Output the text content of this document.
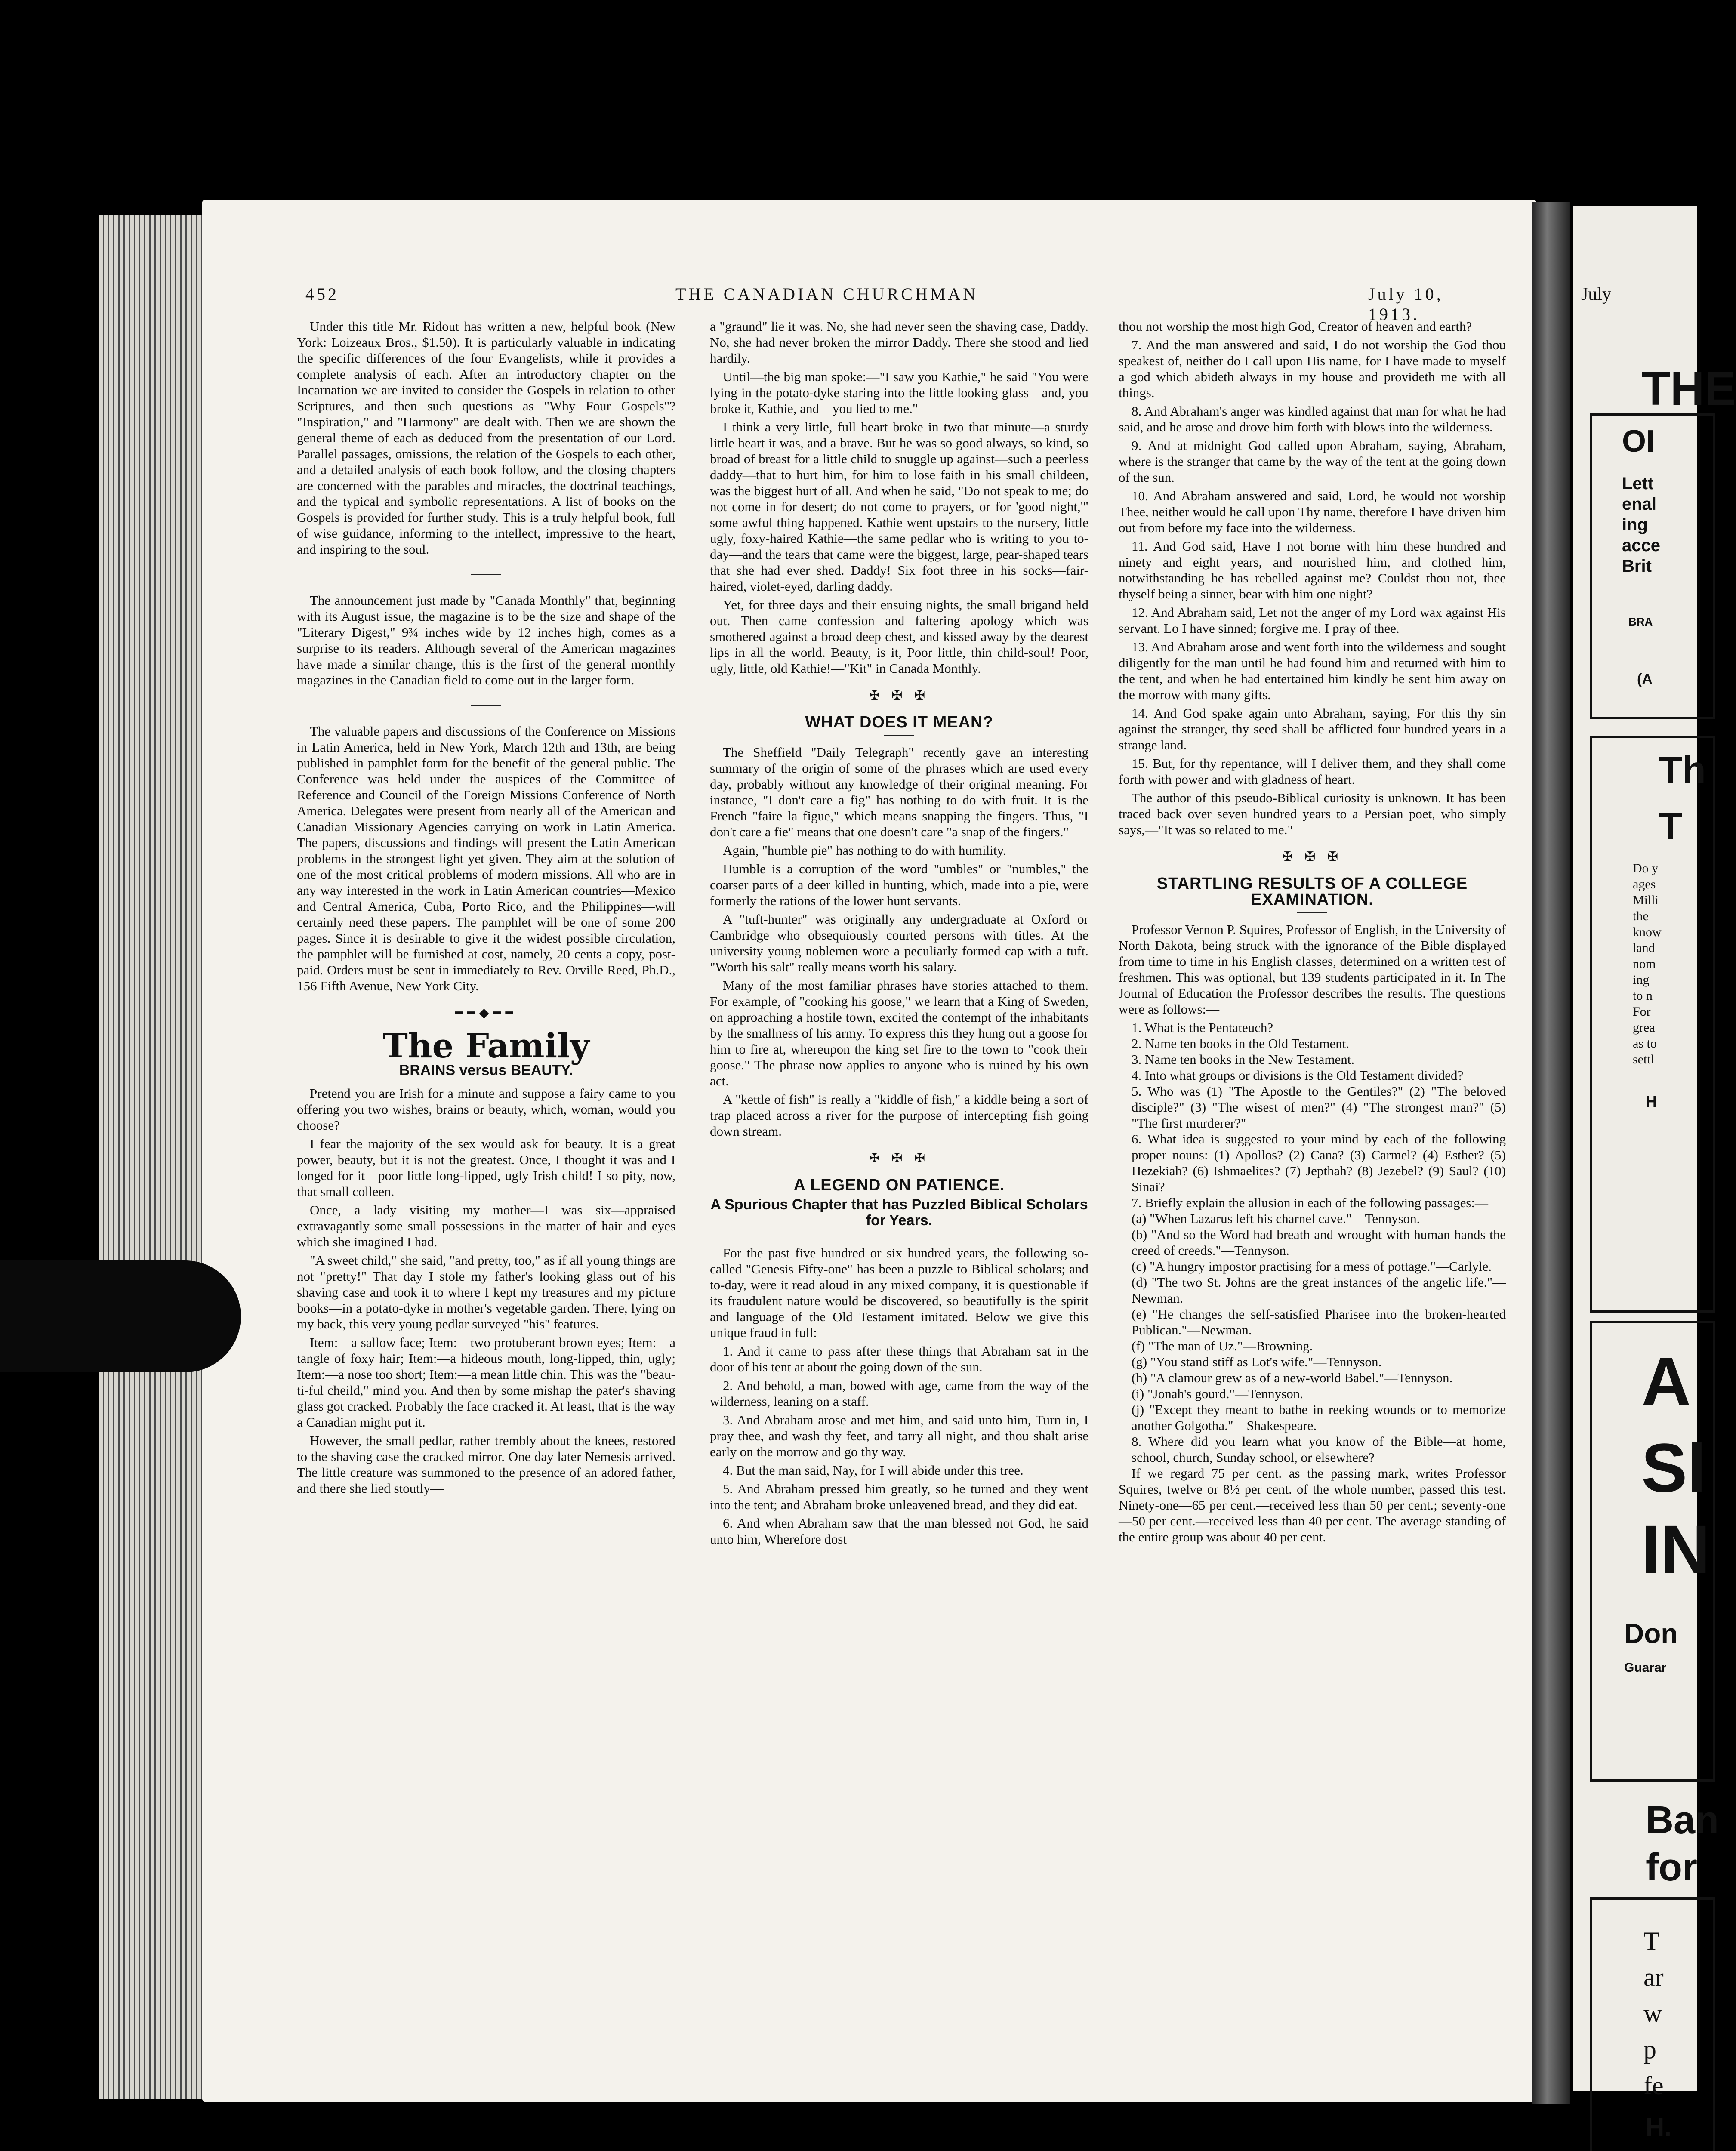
452	THE CANADIAN CHURCHMAN	July 10, 1913.

Under this title Mr. Ridout has written a new, helpful book (New York: Loizeaux Bros., $1.50). It is particularly valuable in indicating the specific differences of the four Evangelists, while it provides a complete analysis of each. After an introductory chapter on the Incarnation we are invited to consider the Gospels in relation to other Scriptures, and then such questions as "Why Four Gospels"? "Inspiration," and "Harmony" are dealt with. Then we are shown the general theme of each as deduced from the presentation of our Lord. Parallel passages, omissions, the relation of the Gospels to each other, and a detailed analysis of each book follow, and the closing chapters are concerned with the parables and miracles, the doctrinal teachings, and the typical and symbolic representations. A list of books on the Gospels is provided for further study. This is a truly helpful book, full of wise guidance, informing to the intellect, impressive to the heart, and inspiring to the soul.

The announcement just made by "Canada Monthly" that, beginning with its August issue, the magazine is to be the size and shape of the "Literary Digest," 9¾ inches wide by 12 inches high, comes as a surprise to its readers. Although several of the American magazines have made a similar change, this is the first of the general monthly magazines in the Canadian field to come out in the larger form.

The valuable papers and discussions of the Conference on Missions in Latin America, held in New York, March 12th and 13th, are being published in pamphlet form for the benefit of the general public. The Conference was held under the auspices of the Committee of Reference and Council of the Foreign Missions Conference of North America. Delegates were present from nearly all of the American and Canadian Missionary Agencies carrying on work in Latin America. The papers, discussions and findings will present the Latin American problems in the strongest light yet given. They aim at the solution of one of the most critical problems of modern missions. All who are in any way interested in the work in Latin American countries—Mexico and Central America, Cuba, Porto Rico, and the Philippines—will certainly need these papers. The pamphlet will be one of some 200 pages. Since it is desirable to give it the widest possible circulation, the pamphlet will be furnished at cost, namely, 20 cents a copy, post-paid. Orders must be sent in immediately to Rev. Orville Reed, Ph.D., 156 Fifth Avenue, New York City.

━━◆━━
The Family
BRAINS versus BEAUTY.

Pretend you are Irish for a minute and suppose a fairy came to you offering you two wishes, brains or beauty, which, woman, would you choose?

I fear the majority of the sex would ask for beauty. It is a great power, beauty, but it is not the greatest. Once, I thought it was and I longed for it—poor little long-lipped, ugly Irish child! I so pity, now, that small colleen.

Once, a lady visiting my mother—I was six—appraised extravagantly some small possessions in the matter of hair and eyes which she imagined I had.

"A sweet child," she said, "and pretty, too," as if all young things are not "pretty!" That day I stole my father's looking glass out of his shaving case and took it to where I kept my treasures and my picture books—in a potato-dyke in mother's vegetable garden. There, lying on my back, this very young pedlar surveyed "his" features.

Item:—a sallow face; Item:—two protuberant brown eyes; Item:—a tangle of foxy hair; Item:—a hideous mouth, long-lipped, thin, ugly; Item:—a nose too short; Item:—a mean little chin. This was the "beau-ti-ful cheild," mind you. And then by some mishap the pater's shaving glass got cracked. Probably the face cracked it. At least, that is the way a Canadian might put it.

However, the small pedlar, rather trembly about the knees, restored to the shaving case the cracked mirror. One day later Nemesis arrived. The little creature was summoned to the presence of an adored father, and there she lied stoutly—

a "graund" lie it was. No, she had never seen the shaving case, Daddy. No, she had never broken the mirror Daddy. There she stood and lied hardily.

Until—the big man spoke:—"I saw you Kathie," he said "You were lying in the potato-dyke staring into the little looking glass—and, you broke it, Kathie, and—you lied to me."

I think a very little, full heart broke in two that minute—a sturdy little heart it was, and a brave. But he was so good always, so kind, so broad of breast for a little child to snuggle up against—such a peerless daddy—that to hurt him, for him to lose faith in his small childeen, was the biggest hurt of all. And when he said, "Do not speak to me; do not come in for desert; do not come to prayers, or for 'good night,'" some awful thing happened. Kathie went upstairs to the nursery, little ugly, foxy-haired Kathie—the same pedlar who is writing to you to-day—and the tears that came were the biggest, large, pear-shaped tears that she had ever shed. Daddy! Six foot three in his socks—fair-haired, violet-eyed, darling daddy.

Yet, for three days and their ensuing nights, the small brigand held out. Then came confession and faltering apology which was smothered against a broad deep chest, and kissed away by the dearest lips in all the world. Beauty, is it, Poor little, thin child-soul! Poor, ugly, little, old Kathie!—"Kit" in Canada Monthly.

✠ ✠ ✠
WHAT DOES IT MEAN?

The Sheffield "Daily Telegraph" recently gave an interesting summary of the origin of some of the phrases which are used every day, probably without any knowledge of their original meaning. For instance, "I don't care a fig" has nothing to do with fruit. It is the French "faire la figue," which means snapping the fingers. Thus, "I don't care a fie" means that one doesn't care "a snap of the fingers."

Again, "humble pie" has nothing to do with humility.

Humble is a corruption of the word "umbles" or "numbles," the coarser parts of a deer killed in hunting, which, made into a pie, were formerly the rations of the lower hunt servants.

A "tuft-hunter" was originally any undergraduate at Oxford or Cambridge who obsequiously courted persons with titles. At the university young noblemen wore a peculiarly formed cap with a tuft. "Worth his salt" really means worth his salary.

Many of the most familiar phrases have stories attached to them. For example, of "cooking his goose," we learn that a King of Sweden, on approaching a hostile town, excited the contempt of the inhabitants by the smallness of his army. To express this they hung out a goose for him to fire at, whereupon the king set fire to the town to "cook their goose." The phrase now applies to anyone who is ruined by his own act.

A "kettle of fish" is really a "kiddle of fish," a kiddle being a sort of trap placed across a river for the purpose of intercepting fish going down stream.

✠ ✠ ✠
A LEGEND ON PATIENCE.
A Spurious Chapter that has Puzzled Biblical Scholars for Years.

For the past five hundred or six hundred years, the following so-called "Genesis Fifty-one" has been a puzzle to Biblical scholars; and to-day, were it read aloud in any mixed company, it is questionable if its fraudulent nature would be discovered, so beautifully is the spirit and language of the Old Testament imitated. Below we give this unique fraud in full:—

1. And it came to pass after these things that Abraham sat in the door of his tent at about the going down of the sun.

2. And behold, a man, bowed with age, came from the way of the wilderness, leaning on a staff.

3. And Abraham arose and met him, and said unto him, Turn in, I pray thee, and wash thy feet, and tarry all night, and thou shalt arise early on the morrow and go thy way.

4. But the man said, Nay, for I will abide under this tree.

5. And Abraham pressed him greatly, so he turned and they went into the tent; and Abraham broke unleavened bread, and they did eat.

6. And when Abraham saw that the man blessed not God, he said unto him, Wherefore dost

thou not worship the most high God, Creator of heaven and earth?

7. And the man answered and said, I do not worship the God thou speakest of, neither do I call upon His name, for I have made to myself a god which abideth always in my house and provideth me with all things.

8. And Abraham's anger was kindled against that man for what he had said, and he arose and drove him forth with blows into the wilderness.

9. And at midnight God called upon Abraham, saying, Abraham, where is the stranger that came by the way of the tent at the going down of the sun.

10. And Abraham answered and said, Lord, he would not worship Thee, neither would he call upon Thy name, therefore I have driven him out from before my face into the wilderness.

11. And God said, Have I not borne with him these hundred and ninety and eight years, and nourished him, and clothed him, notwithstanding he has rebelled against me? Couldst thou not, thee thyself being a sinner, bear with him one night?

12. And Abraham said, Let not the anger of my Lord wax against His servant. Lo I have sinned; forgive me. I pray of thee.

13. And Abraham arose and went forth into the wilderness and sought diligently for the man until he had found him and returned with him to the tent, and when he had entertained him kindly he sent him away on the morrow with many gifts.

14. And God spake again unto Abraham, saying, For this thy sin against the stranger, thy seed shall be afflicted four hundred years in a strange land.

15. But, for thy repentance, will I deliver them, and they shall come forth with power and with gladness of heart.

The author of this pseudo-Biblical curiosity is unknown. It has been traced back over seven hundred years to a Persian poet, who simply says,—"It was so related to me."

✠ ✠ ✠
STARTLING RESULTS OF A COLLEGE EXAMINATION.

Professor Vernon P. Squires, Professor of English, in the University of North Dakota, being struck with the ignorance of the Bible displayed from time to time in his English classes, determined on a written test of freshmen. This was optional, but 139 students participated in it. In The Journal of Education the Professor describes the results. The questions were as follows:—

1. What is the Pentateuch?

2. Name ten books in the Old Testament.

3. Name ten books in the New Testament.

4. Into what groups or divisions is the Old Testament divided?

5. Who was (1) "The Apostle to the Gentiles?" (2) "The beloved disciple?" (3) "The wisest of men?" (4) "The strongest man?" (5) "The first murderer?"

6. What idea is suggested to your mind by each of the following proper nouns: (1) Apollos? (2) Cana? (3) Carmel? (4) Esther? (5) Hezekiah? (6) Ishmaelites? (7) Jepthah? (8) Jezebel? (9) Saul? (10) Sinai?

7. Briefly explain the allusion in each of the following passages:—

(a) "When Lazarus left his charnel cave."—Tennyson.

(b) "And so the Word had breath and wrought with human hands the creed of creeds."—Tennyson.

(c) "A hungry impostor practising for a mess of pottage."—Carlyle.

(d) "The two St. Johns are the great instances of the angelic life."—Newman.

(e) "He changes the self-satisfied Pharisee into the broken-hearted Publican."—Newman.

(f) "The man of Uz."—Browning.

(g) "You stand stiff as Lot's wife."—Tennyson.

(h) "A clamour grew as of a new-world Babel."—Tennyson.

(i) "Jonah's gourd."—Tennyson.

(j) "Except they meant to bathe in reeking wounds or to memorize another Golgotha."—Shakespeare.

8. Where did you learn what you know of the Bible—at home, school, church, Sunday school, or elsewhere?

If we regard 75 per cent. as the passing mark, writes Professor Squires, twelve or 8½ per cent. of the whole number, passed this test. Ninety-one—65 per cent.—received less than 50 per cent.; seventy-one—50 per cent.—received less than 40 per cent. The average standing of the entire group was about 40 per cent.

July
THE
OI
Lett
enal
ing
acce
Brit
BRA
(A
Th
T
Do y
ages
Milli
the
know
land
nom
ing
to n
For
grea
as to
settl
H
A
Sl
IN
Don
Guarar
Ban
for
T
ar
w
p
fe
H.
